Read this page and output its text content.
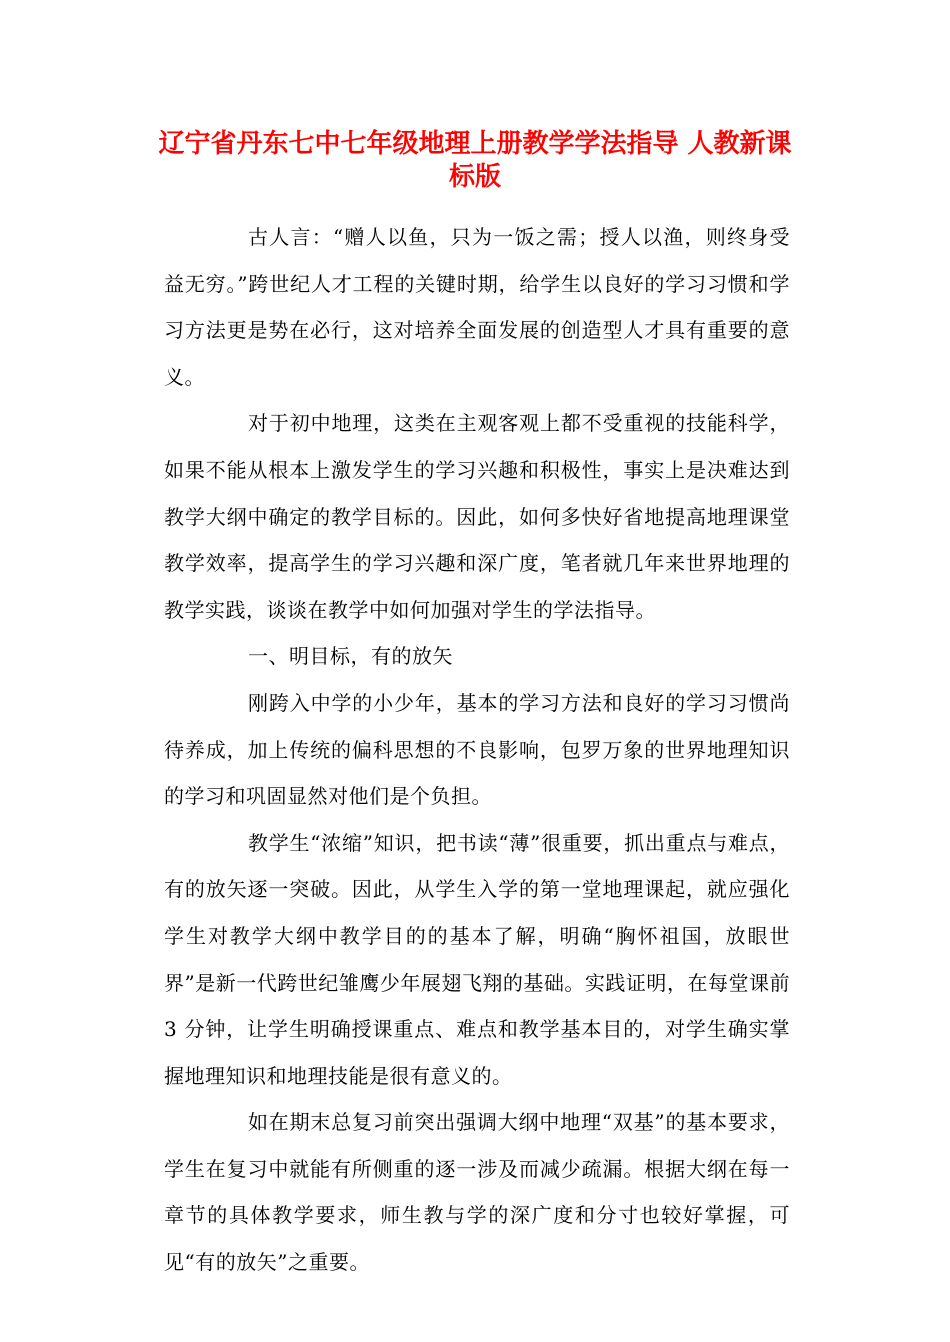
辽宁省丹东七中七年级地理上册教学学法指导 人教新课标版

古人言：“赠人以鱼，只为一饭之需；授人以渔，则终身受益无穷。”跨世纪人才工程的关键时期，给学生以良好的学习习惯和学习方法更是势在必行，这对培养全面发展的创造型人才具有重要的意义。

对于初中地理，这类在主观客观上都不受重视的技能科学，如果不能从根本上激发学生的学习兴趣和积极性，事实上是决难达到教学大纲中确定的教学目标的。因此，如何多快好省地提高地理课堂教学效率，提高学生的学习兴趣和深广度，笔者就几年来世界地理的教学实践，谈谈在教学中如何加强对学生的学法指导。

一、明目标，有的放矢

刚跨入中学的小少年，基本的学习方法和良好的学习习惯尚待养成，加上传统的偏科思想的不良影响，包罗万象的世界地理知识的学习和巩固显然对他们是个负担。

教学生“浓缩”知识，把书读“薄”很重要，抓出重点与难点，有的放矢逐一突破。因此，从学生入学的第一堂地理课起，就应强化学生对教学大纲中教学目的的基本了解，明确“胸怀祖国，放眼世界”是新一代跨世纪雏鹰少年展翅飞翔的基础。实践证明，在每堂课前 3 分钟，让学生明确授课重点、难点和教学基本目的，对学生确实掌握地理知识和地理技能是很有意义的。

如在期末总复习前突出强调大纲中地理“双基”的基本要求，学生在复习中就能有所侧重的逐一涉及而减少疏漏。根据大纲在每一章节的具体教学要求，师生教与学的深广度和分寸也较好掌握，可见“有的放矢”之重要。
